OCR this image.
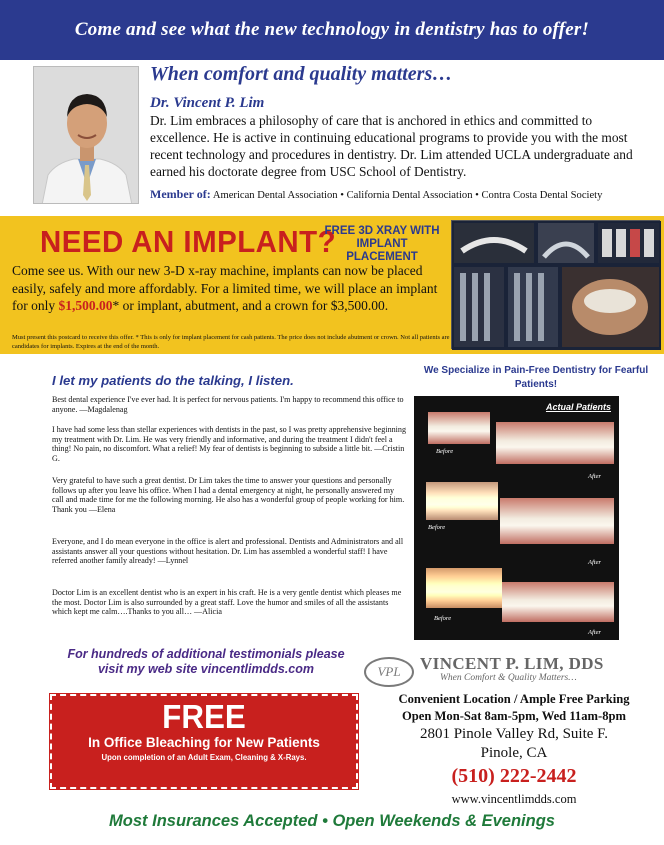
Come and see what the new technology in dentistry has to offer!
When comfort and quality matters…
Dr. Vincent P. Lim
Dr. Lim embraces a philosophy of care that is anchored in ethics and committed to excellence. He is active in continuing educational programs to provide you with the most recent technology and procedures in dentistry. Dr. Lim attended UCLA undergraduate and earned his doctorate degree from USC School of Dentistry.
Member of: American Dental Association • California Dental Association • Contra Costa Dental Society
NEED AN IMPLANT?
FREE 3D XRAY WITH IMPLANT PLACEMENT
Come see us. With our new 3-D x-ray machine, implants can now be placed easily, safely and more affordably. For a limited time, we will place an implant for only $1,500.00* or implant, abutment, and a crown for $3,500.00.
Must present this postcard to receive this offer. * This is only for implant placement for cash patients. The price does not include abutment or crown. Not all patients are candidates for implants. Expires at the end of the month.
I let my patients do the talking, I listen.
Best dental experience I've ever had. It is perfect for nervous patients. I'm happy to recommend this office to anyone. —Magdalenag
I have had some less than stellar experiences with dentists in the past, so I was pretty apprehensive beginning my treatment with Dr. Lim. He was very friendly and informative, and during the treatment I didn't feel a thing! No pain, no discomfort. What a relief! My fear of dentists is beginning to subside a little bit. —Cristin G.
Very grateful to have such a great dentist. Dr Lim takes the time to answer your questions and personally follows up after you leave his office. When I had a dental emergency at night, he personally answered my call and made time for me the following morning. He also has a wonderful group of people working for him. Thank you —Elena
Everyone, and I do mean everyone in the office is alert and professional. Dentists and Administrators and all assistants answer all your questions without hesitation. Dr. Lim has assembled a wonderful staff! I have referred another family already! —Lynnel
Doctor Lim is an excellent dentist who is an expert in his craft. He is a very gentle dentist which pleases me the most. Doctor Lim is also surrounded by a great staff. Love the humor and smiles of all the assistants which kept me calm….Thanks to you all… —Alicia
We Specialize in Pain-Free Dentistry for Fearful Patients!
Actual Patients
Before
After
Before
After
Before
After
For hundreds of additional testimonials please visit my web site vincentlimdds.com
FREE
In Office Bleaching for New Patients
Upon completion of an Adult Exam, Cleaning & X-Rays.
VPL VINCENT P. LIM, DDS
When Comfort & Quality Matters…
Convenient Location / Ample Free Parking
Open Mon-Sat 8am-5pm, Wed 11am-8pm
2801 Pinole Valley Rd, Suite F.
Pinole, CA
(510) 222-2442
www.vincentlimdds.com
Most Insurances Accepted • Open Weekends & Evenings
